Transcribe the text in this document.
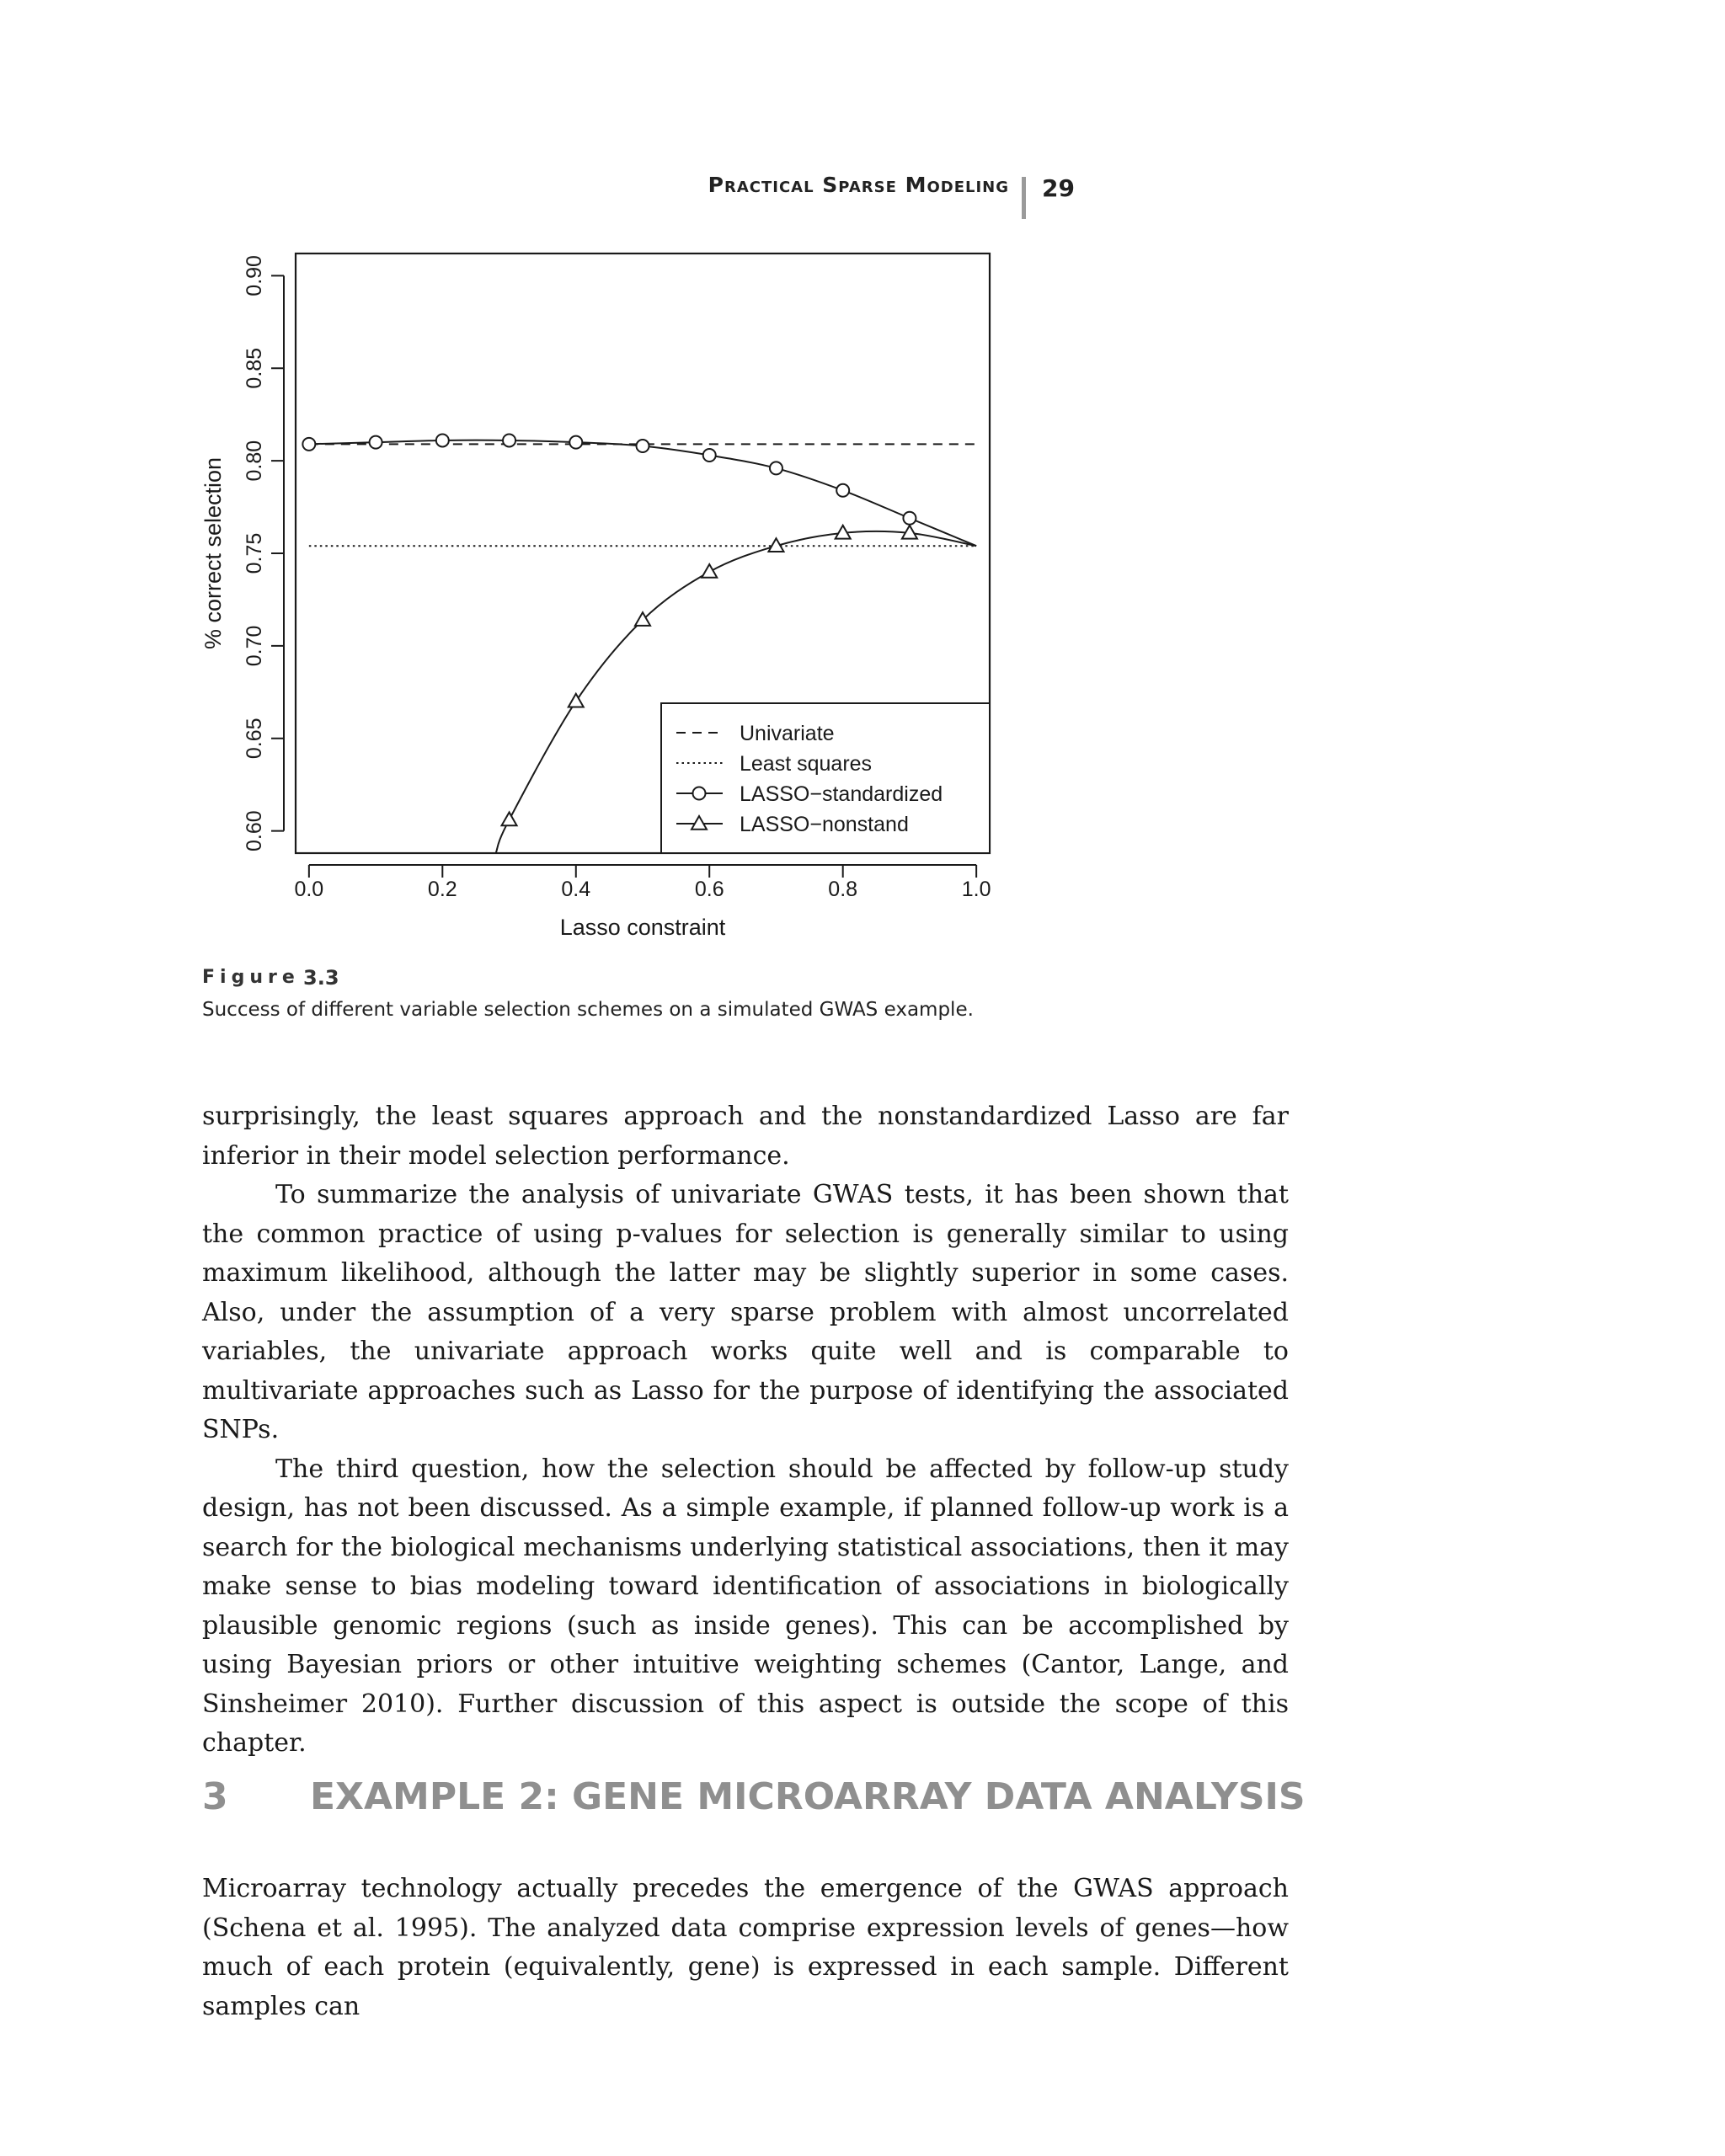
Practical Sparse Modeling 29
0.0	0.2	0.4	0.6	0.8	1.0
Lasso constraint
0.60
0.65
0.70
0.75
0.80
0.85
0.90
% correct selection
Univariate
Least squares
LASSO−standardized
LASSO−nonstand
Figure 3.3
Success of different variable selection schemes on a simulated GWAS example.

surprisingly, the least squares approach and the nonstandardized Lasso are far inferior in their model selection performance.

To summarize the analysis of univariate GWAS tests, it has been shown that the common practice of using p-values for selection is generally similar to using maximum likelihood, although the latter may be slightly superior in some cases. Also, under the assumption of a very sparse problem with almost uncorrelated variables, the univariate approach works quite well and is comparable to multivariate approaches such as Lasso for the purpose of identifying the associated SNPs.

The third question, how the selection should be affected by follow-up study design, has not been discussed. As a simple example, if planned follow-up work is a search for the biological mechanisms underlying statistical associations, then it may make sense to bias modeling toward identification of associations in biologically plausible genomic regions (such as inside genes). This can be accomplished by using Bayesian priors or other intuitive weighting schemes (Cantor, Lange, and Sinsheimer 2010). Further discussion of this aspect is outside the scope of this chapter.

3 EXAMPLE 2: GENE MICROARRAY DATA ANALYSIS

Microarray technology actually precedes the emergence of the GWAS approach (Schena et al. 1995). The analyzed data comprise expression levels of genes—how much of each protein (equivalently, gene) is expressed in each sample. Different samples can
